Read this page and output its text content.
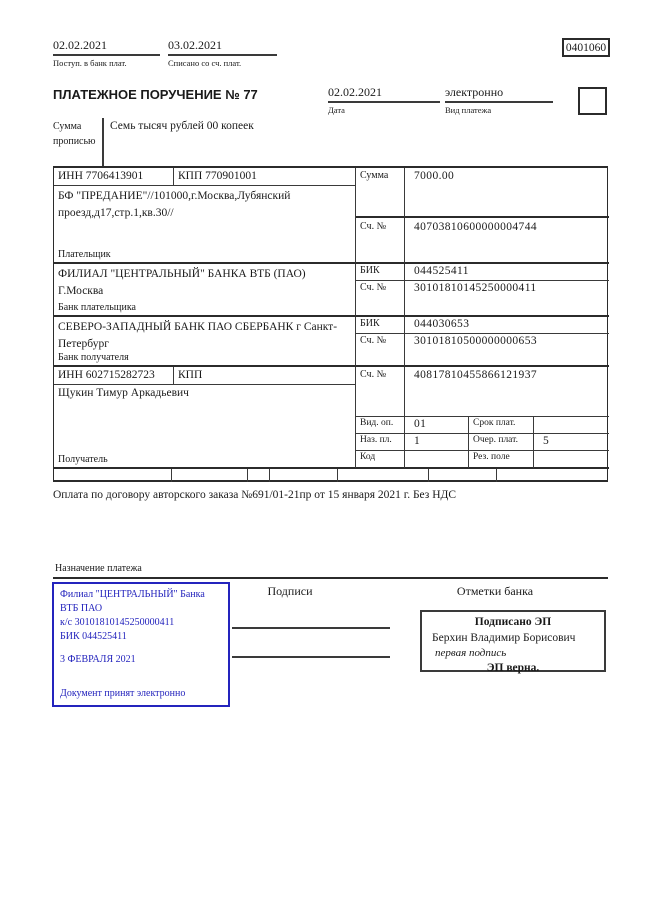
02.02.2021
Поступ. в банк плат.
03.02.2021
Списано со сч. плат.
0401060
ПЛАТЕЖНОЕ ПОРУЧЕНИЕ № 77	02.02.2021
Дата
электронно
Вид платежа
Сумма прописью
Семь тысяч рублей 00 копеек
ИНН 7706413901	КПП 770901001
БФ "ПРЕДАНИЕ"//101000,г.Москва,Лубянский проезд,д17,стр.1,кв.30//
Плательщик
ФИЛИАЛ "ЦЕНТРАЛЬНЫЙ" БАНКА ВТБ (ПАО) Г.Москва
Банк плательщика
СЕВЕРО-ЗАПАДНЫЙ БАНК ПАО СБЕРБАНК г Санкт-Петербург
Банк получателя
ИНН 602715282723	КПП
Щукин Тимур Аркадьевич
Получатель
Сумма	7000.00
Сч. №	40703810600000004744
БИК	044525411
Сч. №	30101810145250000411
БИК	044030653
Сч. №	30101810500000000653
Сч. №	40817810455866121937
Вид. оп.	01	Срок плат.
Наз. пл.	1	Очер. плат.	5
Код	Рез. поле
Оплата по договору авторского заказа №691/01-21пр от 15 января 2021 г. Без НДС
Назначение платежа
Филиал "ЦЕНТРАЛЬНЫЙ" Банка ВТБ ПАО
к/с 30101810145250000411
БИК 044525411
3 ФЕВРАЛЯ 2021
Документ принят электронно
Подписи	Отметки банка
Подписано ЭП
Берхин Владимир Борисович
первая подпись
ЭП верна.
